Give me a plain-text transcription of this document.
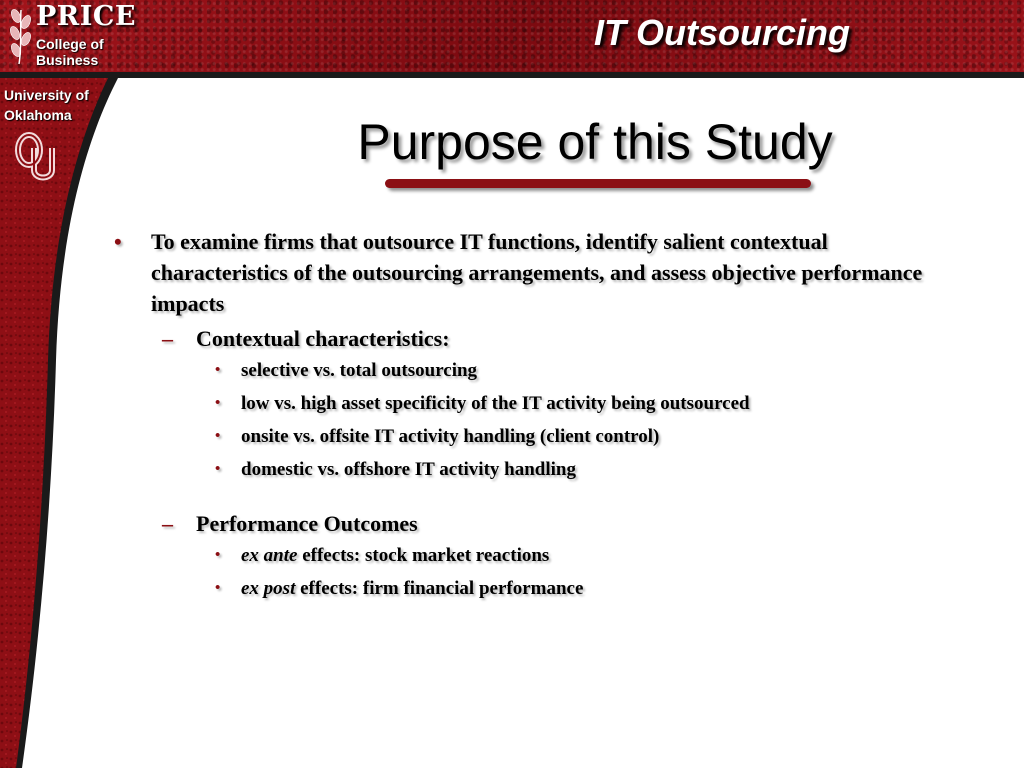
PRICE
College of
Business
IT Outsourcing
University of
Oklahoma	Purpose of this Study
• To examine firms that outsource IT functions, identify salient contextual characteristics of the outsourcing arrangements, and assess objective performance impacts
– Contextual characteristics:
• selective vs. total outsourcing
• low vs. high asset specificity of the IT activity being outsourced
• onsite vs. offsite IT activity handling (client control)
• domestic vs. offshore IT activity handling
– Performance Outcomes
• ex ante effects: stock market reactions
• ex post effects: firm financial performance
